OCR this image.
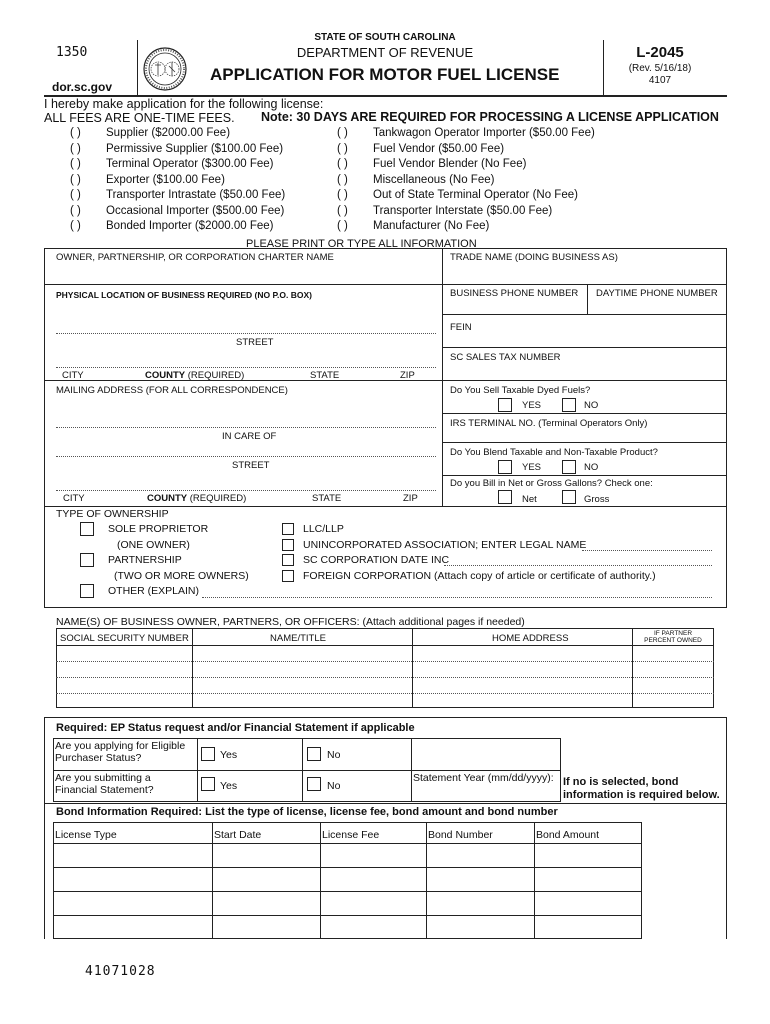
1350
dor.sc.gov
STATE OF SOUTH CAROLINA
DEPARTMENT OF REVENUE
APPLICATION FOR MOTOR FUEL LICENSE
L-2045
(Rev. 5/16/18)
4107
I hereby make application for the following license:
ALL FEES ARE ONE-TIME FEES. Note: 30 DAYS ARE REQUIRED FOR PROCESSING A LICENSE APPLICATION
( ) Supplier ($2000.00 Fee)
( ) Permissive Supplier ($100.00 Fee)
( ) Terminal Operator ($300.00 Fee)
( ) Exporter ($100.00 Fee)
( ) Transporter Intrastate ($50.00 Fee)
( ) Occasional Importer ($500.00 Fee)
( ) Bonded Importer ($2000.00 Fee)
( ) Tankwagon Operator Importer ($50.00 Fee)
( ) Fuel Vendor ($50.00 Fee)
( ) Fuel Vendor Blender (No Fee)
( ) Miscellaneous (No Fee)
( ) Out of State Terminal Operator (No Fee)
( ) Transporter Interstate ($50.00 Fee)
( ) Manufacturer (No Fee)
PLEASE PRINT OR TYPE ALL INFORMATION
OWNER, PARTNERSHIP, OR CORPORATION CHARTER NAME	TRADE NAME (DOING BUSINESS AS)
PHYSICAL LOCATION OF BUSINESS REQUIRED (NO P.O. BOX)	BUSINESS PHONE NUMBER DAYTIME PHONE NUMBER
FEIN
STREET
SC SALES TAX NUMBER
CITY	COUNTY (REQUIRED)	STATE	ZIP
MAILING ADDRESS (FOR ALL CORRESPONDENCE)	Do You Sell Taxable Dyed Fuels?
YES	NO
IRS TERMINAL NO. (Terminal Operators Only)
IN CARE OF
Do You Blend Taxable and Non-Taxable Product?
STREET	YES	NO
Do you Bill in Net or Gross Gallons? Check one:
CITY	COUNTY (REQUIRED)	STATE	ZIP	Net	Gross
TYPE OF OWNERSHIP
SOLE PROPRIETOR
(ONE OWNER)
PARTNERSHIP
(TWO OR MORE OWNERS)
OTHER (EXPLAIN)
LLC/LLP
UNINCORPORATED ASSOCIATION; ENTER LEGAL NAME
SC CORPORATION DATE INC
FOREIGN CORPORATION (Attach copy of article or certificate of authority.)
NAME(S) OF BUSINESS OWNER, PARTNERS, OR OFFICERS: (Attach additional pages if needed)
SOCIAL SECURITY NUMBER	NAME/TITLE	HOME ADDRESS	IF PARTNER
PERCENT OWNED
Required: EP Status request and/or Financial Statement if applicable
Are you applying for Eligible
Purchaser Status?	Yes	No
Are you submitting a
Financial Statement?	Yes	No
Statement Year (mm/dd/yyyy): If no is selected, bond
information is required below.
Bond Information Required: List the type of license, license fee, bond amount and bond number
License Type	Start Date	License Fee	Bond Number	Bond Amount
41071028
